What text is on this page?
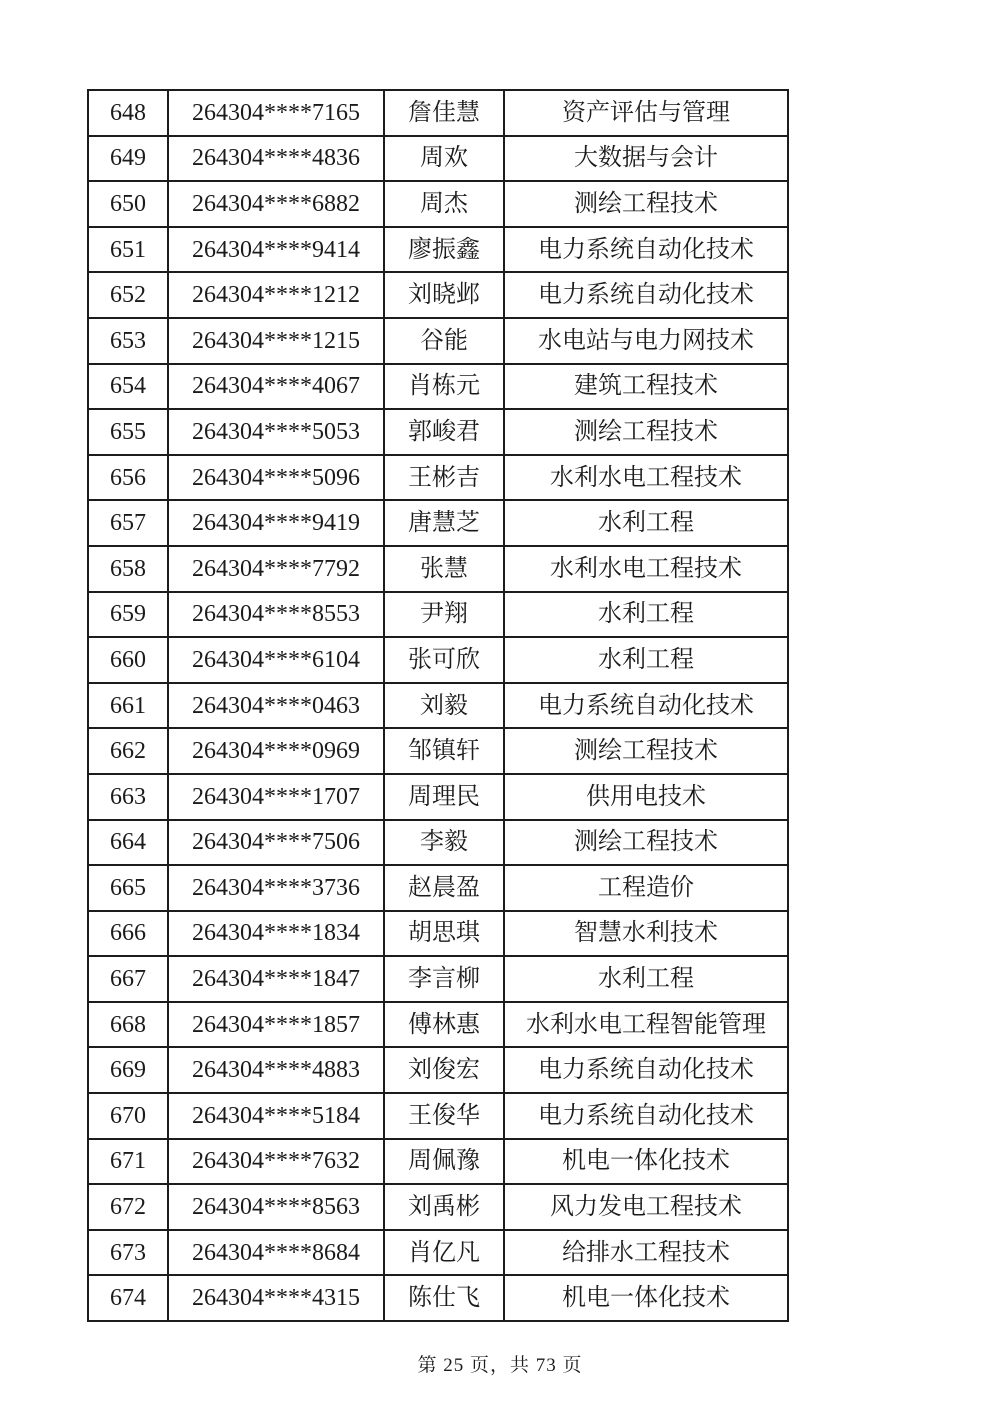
648	264304****7165	詹佳慧	资产评估与管理
649	264304****4836	周欢	大数据与会计
650	264304****6882	周杰	测绘工程技术
651	264304****9414	廖振鑫	电力系统自动化技术
652	264304****1212	刘晓邺	电力系统自动化技术
653	264304****1215	谷能	水电站与电力网技术
654	264304****4067	肖栋元	建筑工程技术
655	264304****5053	郭峻君	测绘工程技术
656	264304****5096	王彬吉	水利水电工程技术
657	264304****9419	唐慧芝	水利工程
658	264304****7792	张慧	水利水电工程技术
659	264304****8553	尹翔	水利工程
660	264304****6104	张可欣	水利工程
661	264304****0463	刘毅	电力系统自动化技术
662	264304****0969	邹镇轩	测绘工程技术
663	264304****1707	周理民	供用电技术
664	264304****7506	李毅	测绘工程技术
665	264304****3736	赵晨盈	工程造价
666	264304****1834	胡思琪	智慧水利技术
667	264304****1847	李言柳	水利工程
668	264304****1857	傅林惠	水利水电工程智能管理
669	264304****4883	刘俊宏	电力系统自动化技术
670	264304****5184	王俊华	电力系统自动化技术
671	264304****7632	周佩豫	机电一体化技术
672	264304****8563	刘禹彬	风力发电工程技术
673	264304****8684	肖亿凡	给排水工程技术
674	264304****4315	陈仕飞	机电一体化技术
第 25 页，共 73 页
